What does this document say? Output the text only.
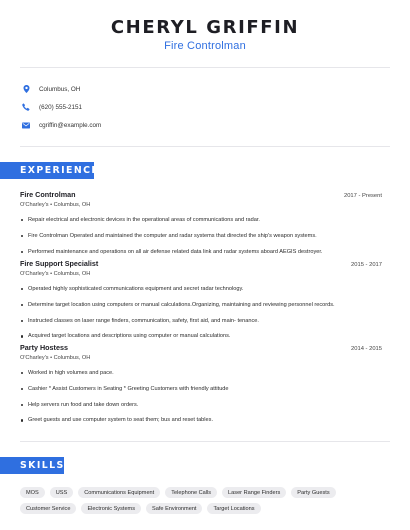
CHERYL GRIFFIN
Fire Controlman
Columbus, OH
(620) 555-2151
cgriffin@example.com
EXPERIENCE
Fire Controlman	2017 - Present
O'Charley's • Columbus, OH
Repair electrical and electronic devices in the operational areas of communications and radar.
Fire Controlman Operated and maintained the computer and radar systems that directed the ship's weapon systems.
Performed maintenance and operations on all air defense related data link and radar systems aboard AEGIS destroyer.
Fire Support Specialist	2015 - 2017
O'Charley's • Columbus, OH
Operated highly sophisticated communications equipment and secret radar technology.
Determine target location using computers or manual calculations.Organizing, maintaining and reviewing personnel records.
Instructed classes on laser range finders, communication, safety, first aid, and main- tenance.
Acquired target locations and descriptions using computer or manual calculations.
Party Hostess	2014 - 2015
O'Charley's • Columbus, OH
Worked in high volumes and pace.
Cashier * Assist Customers in Seating * Greeting Customers with friendly attitude
Help servers run food and take down orders.
Greet guests and use computer system to seat them; bus and reset tables.
SKILLS
MOS	USS	Communications Equipment	Telephone Calls	Laser Range Finders	Party Guests
Customer Service	Electronic Systems	Safe Environment	Target Locations
